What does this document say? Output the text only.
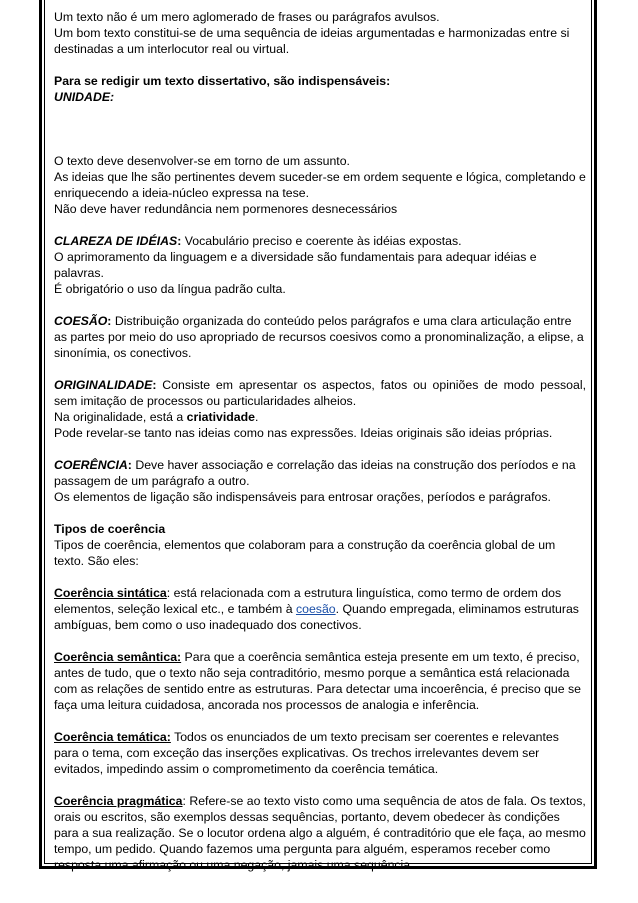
Um texto não é um mero aglomerado de frases ou parágrafos avulsos.

Um bom texto constitui-se de uma sequência de ideias argumentadas e harmonizadas entre si destinadas a um interlocutor real ou virtual.

Para se redigir um texto dissertativo, são indispensáveis:

UNIDADE:

O texto deve desenvolver-se em torno de um assunto.

As ideias que lhe são pertinentes devem suceder-se em ordem sequente e lógica, completando e enriquecendo a ideia-núcleo expressa na tese.

Não deve haver redundância nem pormenores desnecessários

CLAREZA DE IDÉIAS: Vocabulário preciso e coerente às idéias expostas.

O aprimoramento da linguagem e a diversidade são fundamentais para adequar idéias e palavras.

É obrigatório o uso da língua padrão culta.

COESÃO: Distribuição organizada do conteúdo pelos parágrafos e uma clara articulação entre as partes por meio do uso apropriado de recursos coesivos como a pronominalização, a elipse, a sinonímia, os conectivos.

ORIGINALIDADE: Consiste em apresentar os aspectos, fatos ou opiniões de modo pessoal, sem imitação de processos ou particularidades alheios.

Na originalidade, está a criatividade.

Pode revelar-se tanto nas ideias como nas expressões. Ideias originais são ideias próprias.

COERÊNCIA: Deve haver associação e correlação das ideias na construção dos períodos e na passagem de um parágrafo a outro.

Os elementos de ligação são indispensáveis para entrosar orações, períodos e parágrafos.

Tipos de coerência

Tipos de coerência, elementos que colaboram para a construção da coerência global de um texto. São eles:

Coerência sintática: está relacionada com a estrutura linguística, como termo de ordem dos elementos, seleção lexical etc., e também à coesão. Quando empregada, eliminamos estruturas ambíguas, bem como o uso inadequado dos conectivos.

Coerência semântica: Para que a coerência semântica esteja presente em um texto, é preciso, antes de tudo, que o texto não seja contraditório, mesmo porque a semântica está relacionada com as relações de sentido entre as estruturas. Para detectar uma incoerência, é preciso que se faça uma leitura cuidadosa, ancorada nos processos de analogia e inferência.

Coerência temática: Todos os enunciados de um texto precisam ser coerentes e relevantes para o tema, com exceção das inserções explicativas. Os trechos irrelevantes devem ser evitados, impedindo assim o comprometimento da coerência temática.

Coerência pragmática: Refere-se ao texto visto como uma sequência de atos de fala. Os textos, orais ou escritos, são exemplos dessas sequências, portanto, devem obedecer às condições para a sua realização. Se o locutor ordena algo a alguém, é contraditório que ele faça, ao mesmo tempo, um pedido. Quando fazemos uma pergunta para alguém, esperamos receber como resposta uma afirmação ou uma negação, jamais uma sequência
